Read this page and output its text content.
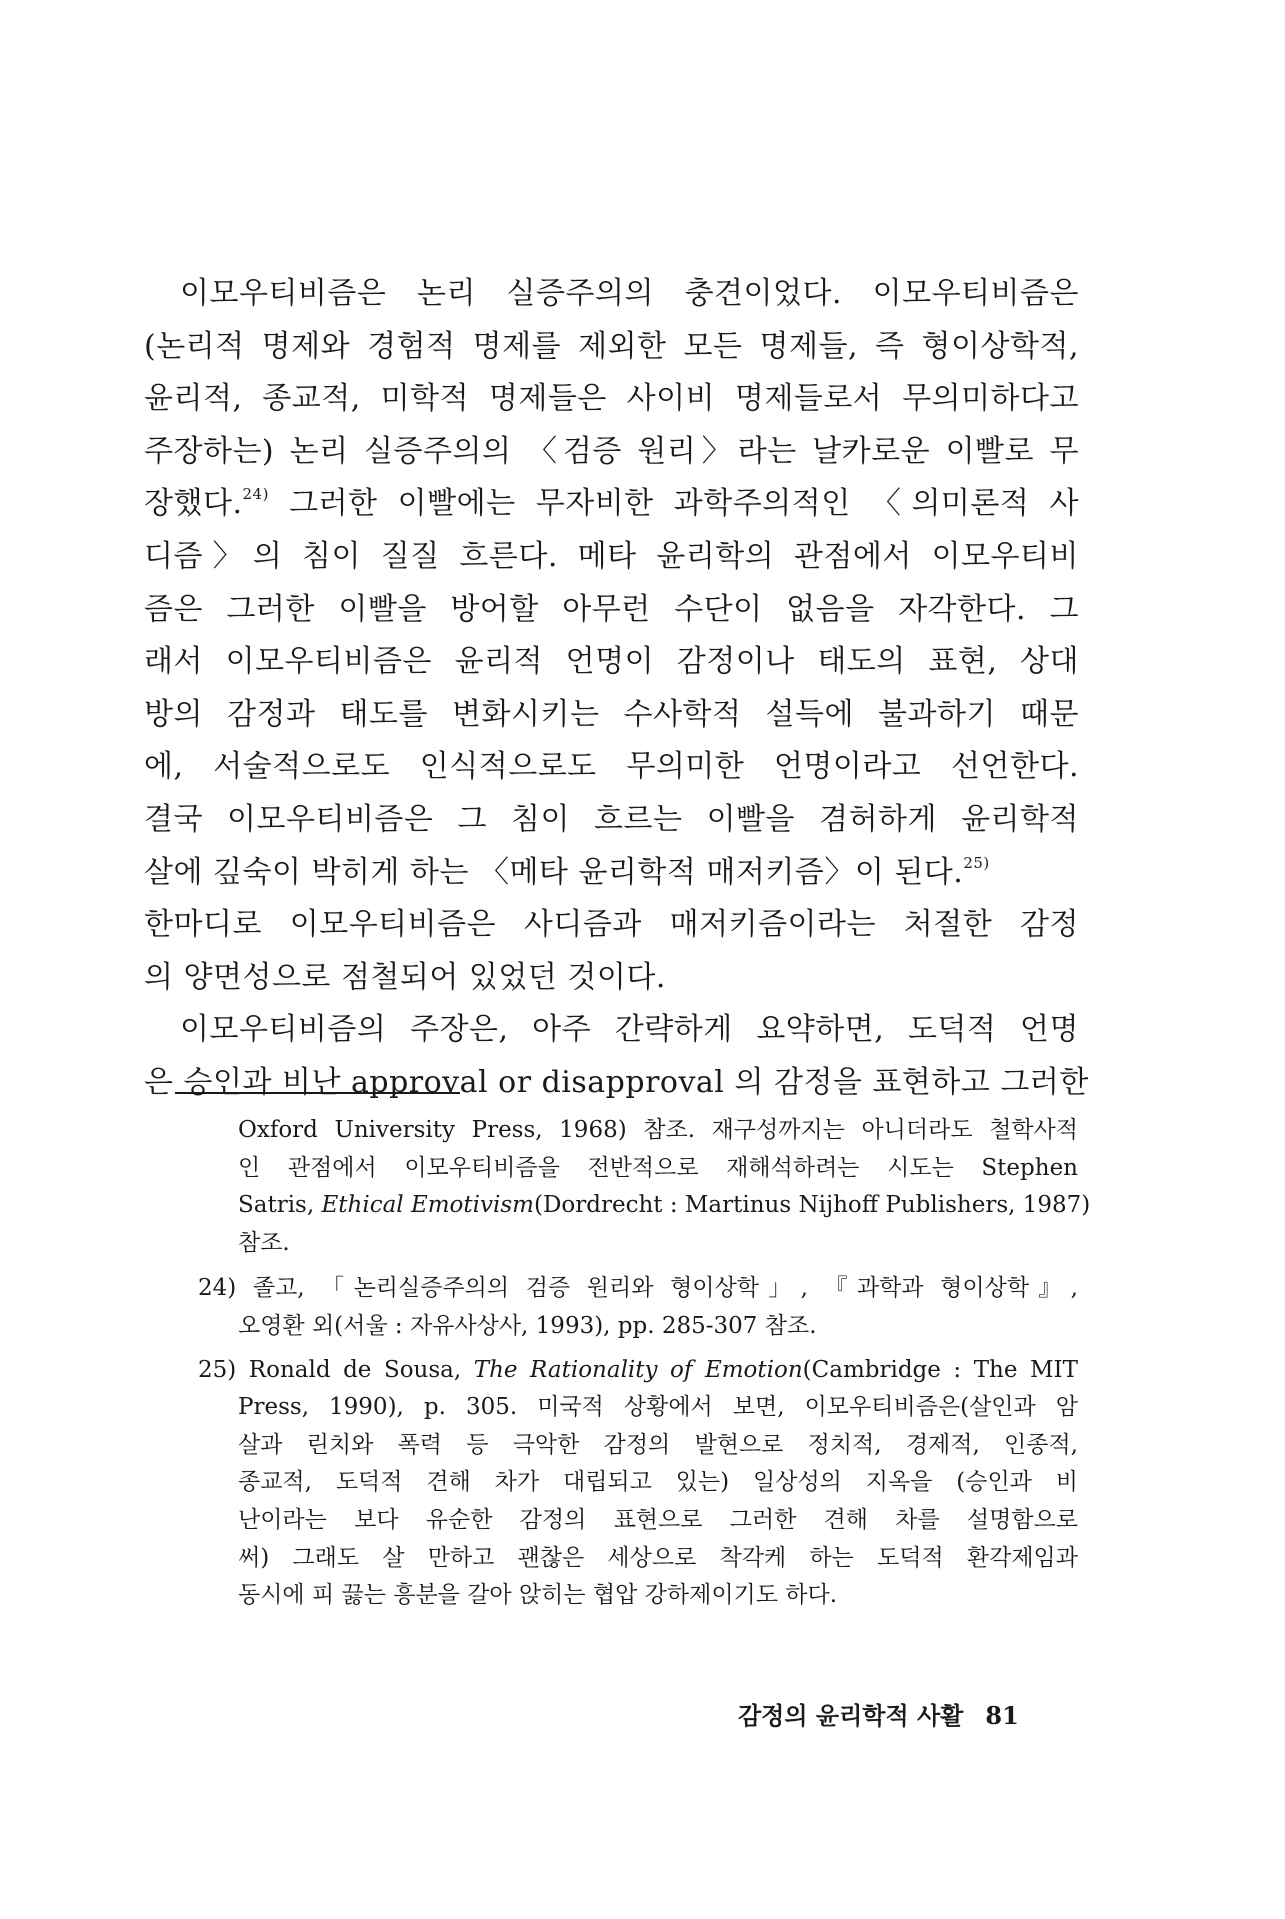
이모우티비즘은 논리 실증주의의 충견이었다. 이모우티비즘은
(논리적 명제와 경험적 명제를 제외한 모든 명제들, 즉 형이상학적,
윤리적, 종교적, 미학적 명제들은 사이비 명제들로서 무의미하다고
주장하는) 논리 실증주의의 〈검증 원리〉라는 날카로운 이빨로 무
장했다.$^{24)}$ 그러한 이빨에는 무자비한 과학주의적인 〈의미론적 사
디즘〉의 침이 질질 흐른다. 메타 윤리학의 관점에서 이모우티비
즘은 그러한 이빨을 방어할 아무런 수단이 없음을 자각한다. 그
래서 이모우티비즘은 윤리적 언명이 감정이나 태도의 표현, 상대
방의 감정과 태도를 변화시키는 수사학적 설득에 불과하기 때문
에, 서술적으로도 인식적으로도 무의미한 언명이라고 선언한다.
결국 이모우티비즘은 그 침이 흐르는 이빨을 겸허하게 윤리학적
살에 깊숙이 박히게 하는 〈메타 윤리학적 매저키즘〉이 된다.$^{25)}$
한마디로 이모우티비즘은 사디즘과 매저키즘이라는 처절한 감정
의 양면성으로 점철되어 있었던 것이다.
이모우티비즘의 주장은, 아주 간략하게 요약하면, 도덕적 언명
은 승인과 비난 approval or disapproval 의 감정을 표현하고 그러한
Oxford University Press, 1968) 참조. 재구성까지는 아니더라도 철학사적
인 관점에서 이모우티비즘을 전반적으로 재해석하려는 시도는 Stephen
Satris, Ethical Emotivism(Dordrecht : Martinus Nijhoff Publishers, 1987)
참조.
24) 졸고, 「논리실증주의의 검증 원리와 형이상학」, 『과학과 형이상학』,
오영환 외(서울 : 자유사상사, 1993), pp. 285-307 참조.
25) Ronald de Sousa, The Rationality of Emotion(Cambridge : The MIT
Press, 1990), p. 305. 미국적 상황에서 보면, 이모우티비즘은(살인과 암
살과 린치와 폭력 등 극악한 감정의 발현으로 정치적, 경제적, 인종적,
종교적, 도덕적 견해 차가 대립되고 있는) 일상성의 지옥을 (승인과 비
난이라는 보다 유순한 감정의 표현으로 그러한 견해 차를 설명함으로
써) 그래도 살 만하고 괜찮은 세상으로 착각케 하는 도덕적 환각제임과
동시에 피 끓는 흥분을 갈아 앉히는 협압 강하제이기도 하다.
감정의 윤리학적 사활 81
